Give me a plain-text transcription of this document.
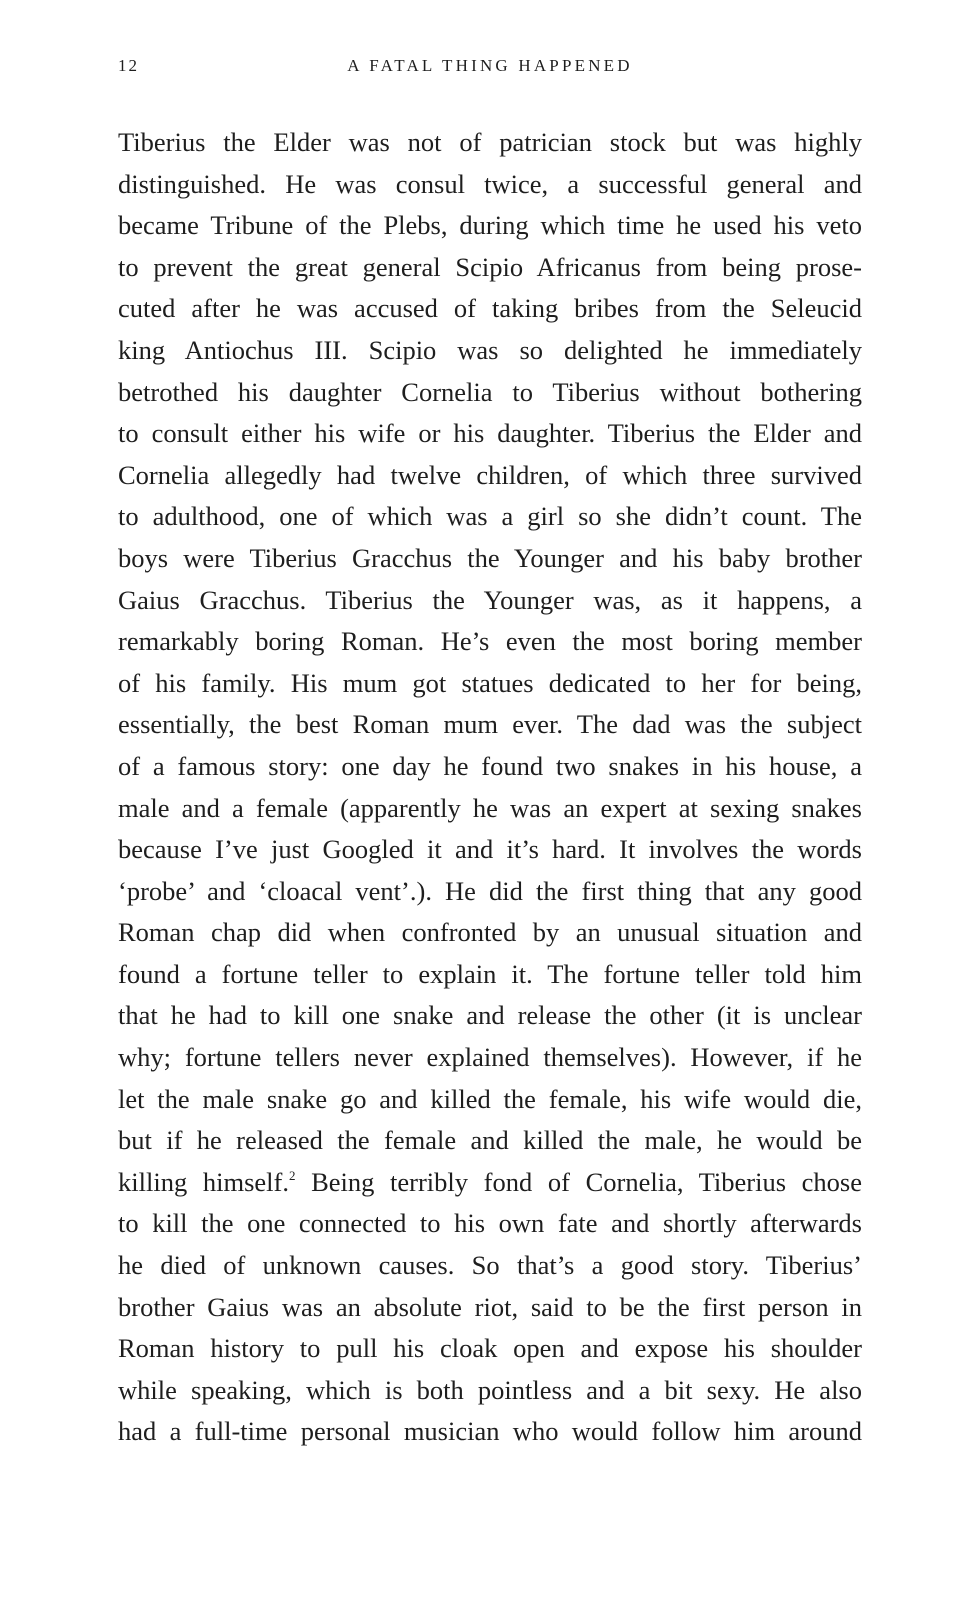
12	A FATAL THING HAPPENED
Tiberius the Elder was not of patrician stock but was highly
distinguished. He was consul twice, a successful general and
became Tribune of the Plebs, during which time he used his veto
to prevent the great general Scipio Africanus from being prose-
cuted after he was accused of taking bribes from the Seleucid
king Antiochus III. Scipio was so delighted he immediately
betrothed his daughter Cornelia to Tiberius without bothering
to consult either his wife or his daughter. Tiberius the Elder and
Cornelia allegedly had twelve children, of which three survived
to adulthood, one of which was a girl so she didn’t count. The
boys were Tiberius Gracchus the Younger and his baby brother
Gaius Gracchus. Tiberius the Younger was, as it happens, a
remarkably boring Roman. He’s even the most boring member
of his family. His mum got statues dedicated to her for being,
essentially, the best Roman mum ever. The dad was the subject
of a famous story: one day he found two snakes in his house, a
male and a female (apparently he was an expert at sexing snakes
because I’ve just Googled it and it’s hard. It involves the words
‘probe’ and ‘cloacal vent’.). He did the first thing that any good
Roman chap did when confronted by an unusual situation and
found a fortune teller to explain it. The fortune teller told him
that he had to kill one snake and release the other (it is unclear
why; fortune tellers never explained themselves). However, if he
let the male snake go and killed the female, his wife would die,
but if he released the female and killed the male, he would be
killing himself.$^2$ Being terribly fond of Cornelia, Tiberius chose
to kill the one connected to his own fate and shortly afterwards
he died of unknown causes. So that’s a good story. Tiberius’
brother Gaius was an absolute riot, said to be the first person in
Roman history to pull his cloak open and expose his shoulder
while speaking, which is both pointless and a bit sexy. He also
had a full-time personal musician who would follow him around
